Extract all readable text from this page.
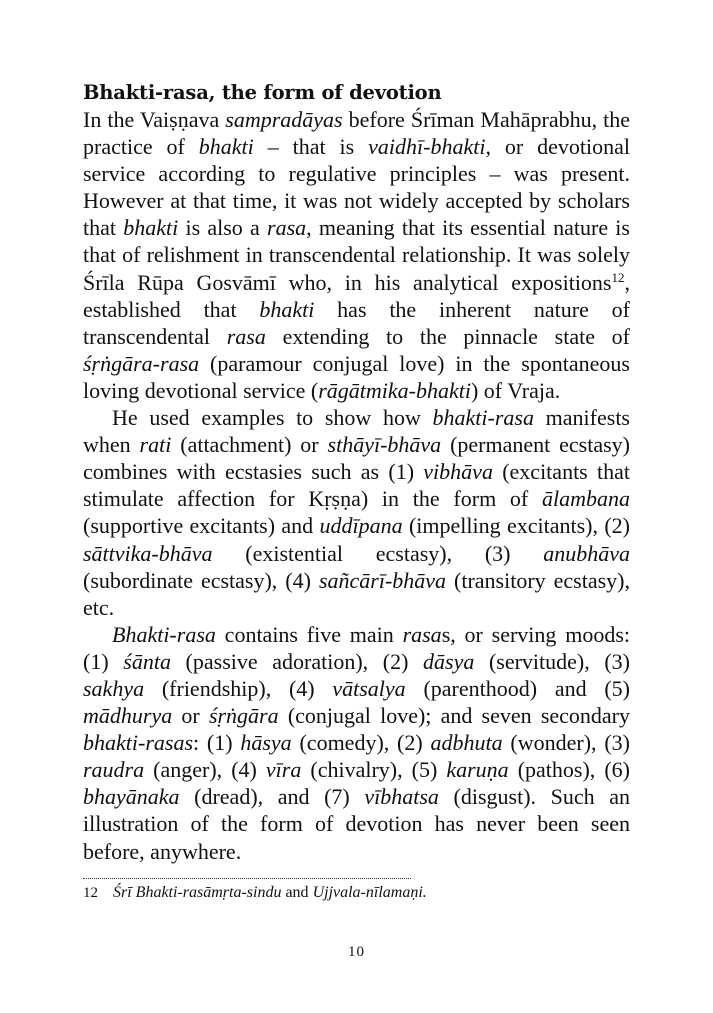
Bhakti-rasa, the form of devotion

In the Vaiṣṇava sampradāyas before Śrīman Mahāprabhu, the practice of bhakti – that is vaidhī-bhakti, or devotional service according to regulative principles – was present. However at that time, it was not widely accepted by scholars that bhakti is also a rasa, meaning that its essential nature is that of relishment in transcendental relationship. It was solely Śrīla Rūpa Gosvāmī who, in his analytical expositions$^{12}$, established that bhakti has the inherent nature of transcendental rasa extending to the pinnacle state of śṛṅgāra-rasa (paramour conjugal love) in the spontaneous loving devotional service (rāgātmika-bhakti) of Vraja.

He used examples to show how bhakti-rasa manifests when rati (attachment) or sthāyī-bhāva (permanent ecstasy) combines with ecstasies such as (1) vibhāva (excitants that stimulate affection for Kṛṣṇa) in the form of ālambana (supportive excitants) and uddīpana (impelling excitants), (2) sāttvika-bhāva (existential ecstasy), (3) anubhāva (subordinate ecstasy), (4) sañcārī-bhāva (transitory ecstasy), etc.

Bhakti-rasa contains five main rasas, or serving moods: (1) śānta (passive adoration), (2) dāsya (servitude), (3) sakhya (friendship), (4) vātsalya (parenthood) and (5) mādhurya or śṛṅgāra (conjugal love); and seven secondary bhakti-rasas: (1) hāsya (comedy), (2) adbhuta (wonder), (3) raudra (anger), (4) vīra (chivalry), (5) karuṇa (pathos), (6) bhayānaka (dread), and (7) vībhatsa (disgust). Such an illustration of the form of devotion has never been seen before, anywhere.

12 Śrī Bhakti-rasāmṛta-sindu and Ujjvala-nīlamaṇi.
10
